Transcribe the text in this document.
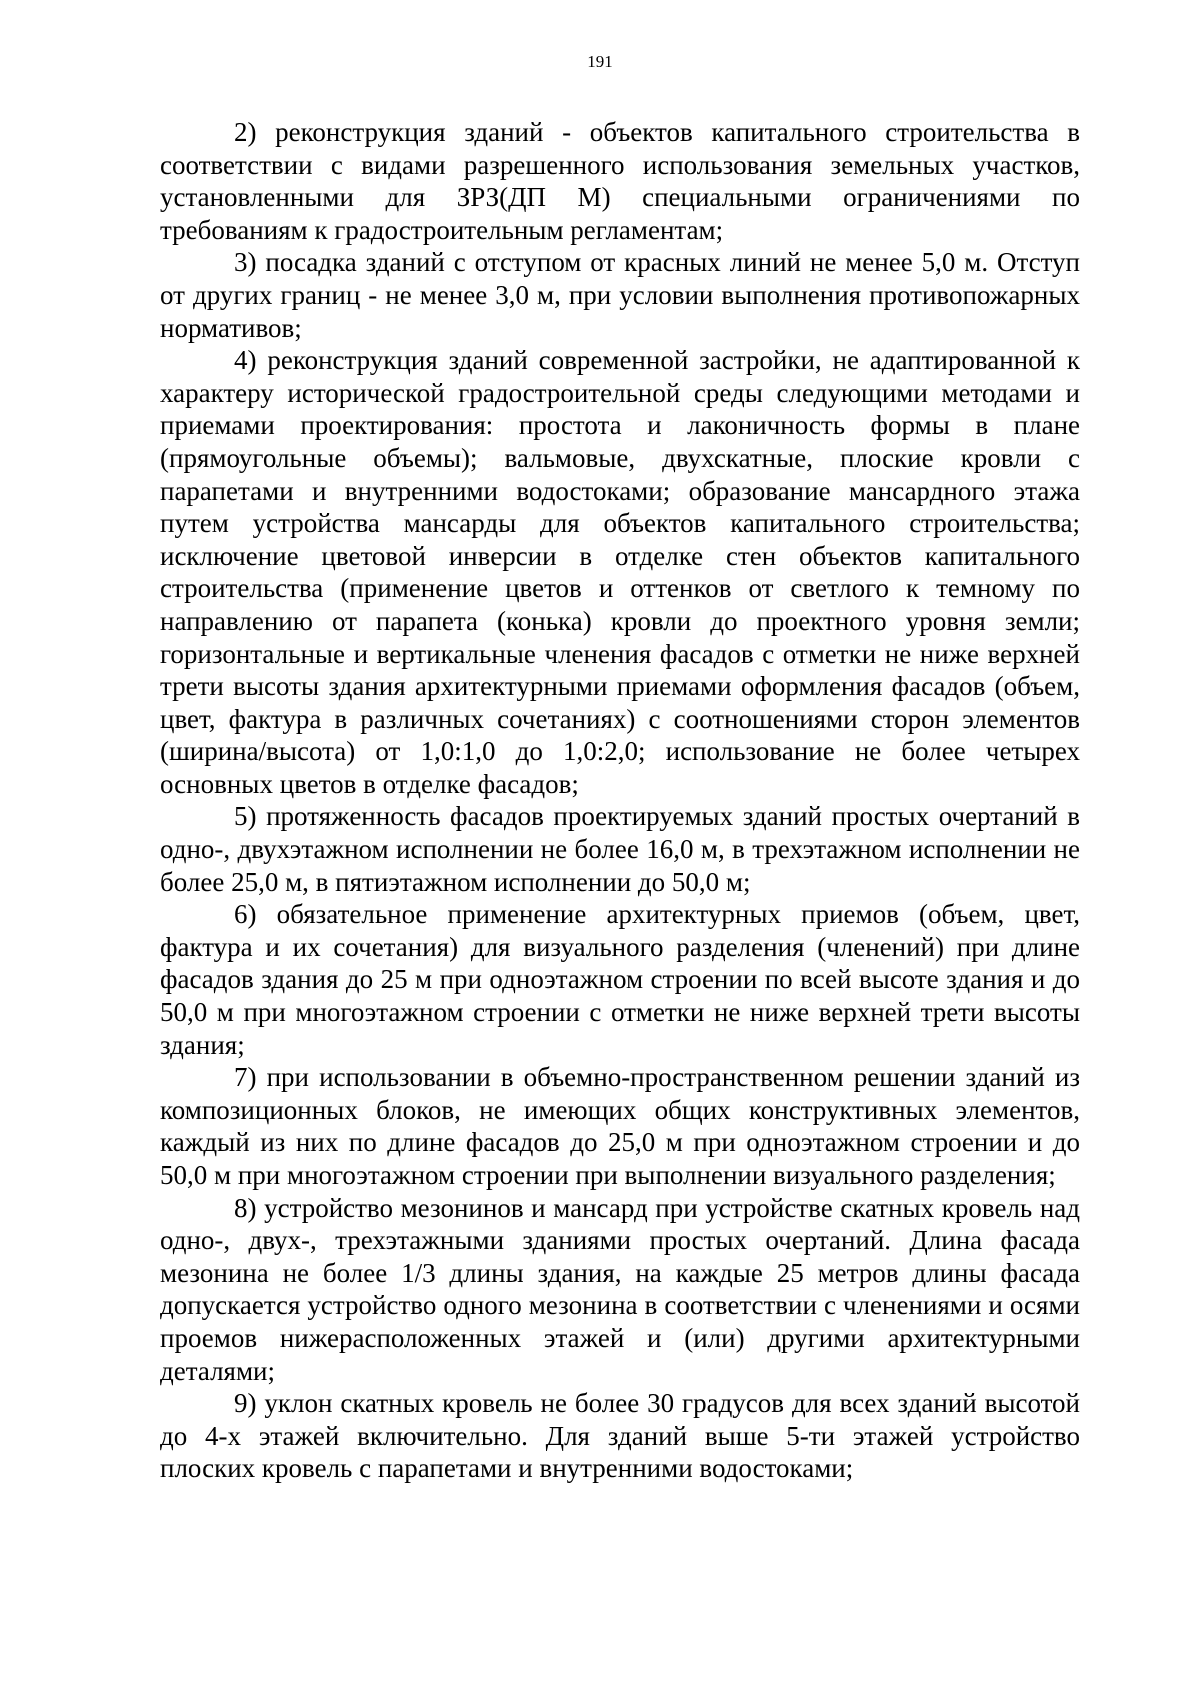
191

2) реконструкция зданий - объектов капитального строительства в соответствии с видами разрешенного использования земельных участков, установленными для ЗРЗ(ДП М) специальными ограничениями по требованиям к градостроительным регламентам;

3) посадка зданий с отступом от красных линий не менее 5,0 м. Отступ от других границ - не менее 3,0 м, при условии выполнения противопожарных нормативов;

4) реконструкция зданий современной застройки, не адаптированной к характеру исторической градостроительной среды следующими методами и приемами проектирования: простота и лаконичность формы в плане (прямоугольные объемы); вальмовые, двухскатные, плоские кровли с парапетами и внутренними водостоками; образование мансардного этажа путем устройства мансарды для объектов капитального строительства; исключение цветовой инверсии в отделке стен объектов капитального строительства (применение цветов и оттенков от светлого к темному по направлению от парапета (конька) кровли до проектного уровня земли; горизонтальные и вертикальные членения фасадов с отметки не ниже верхней трети высоты здания архитектурными приемами оформления фасадов (объем, цвет, фактура в различных сочетаниях) с соотношениями сторон элементов (ширина/высота) от 1,0:1,0 до 1,0:2,0; использование не более четырех основных цветов в отделке фасадов;

5) протяженность фасадов проектируемых зданий простых очертаний в одно-, двухэтажном исполнении не более 16,0 м, в трехэтажном исполнении не более 25,0 м, в пятиэтажном исполнении до 50,0 м;

6) обязательное применение архитектурных приемов (объем, цвет, фактура и их сочетания) для визуального разделения (членений) при длине фасадов здания до 25 м при одноэтажном строении по всей высоте здания и до 50,0 м при многоэтажном строении с отметки не ниже верхней трети высоты здания;

7) при использовании в объемно-пространственном решении зданий из композиционных блоков, не имеющих общих конструктивных элементов, каждый из них по длине фасадов до 25,0 м при одноэтажном строении и до 50,0 м при многоэтажном строении при выполнении визуального разделения;

8) устройство мезонинов и мансард при устройстве скатных кровель над одно-, двух-, трехэтажными зданиями простых очертаний. Длина фасада мезонина не более 1/3 длины здания, на каждые 25 метров длины фасада допускается устройство одного мезонина в соответствии с членениями и осями проемов нижерасположенных этажей и (или) другими архитектурными деталями;

9) уклон скатных кровель не более 30 градусов для всех зданий высотой до 4-х этажей включительно. Для зданий выше 5-ти этажей устройство плоских кровель с парапетами и внутренними водостоками;
